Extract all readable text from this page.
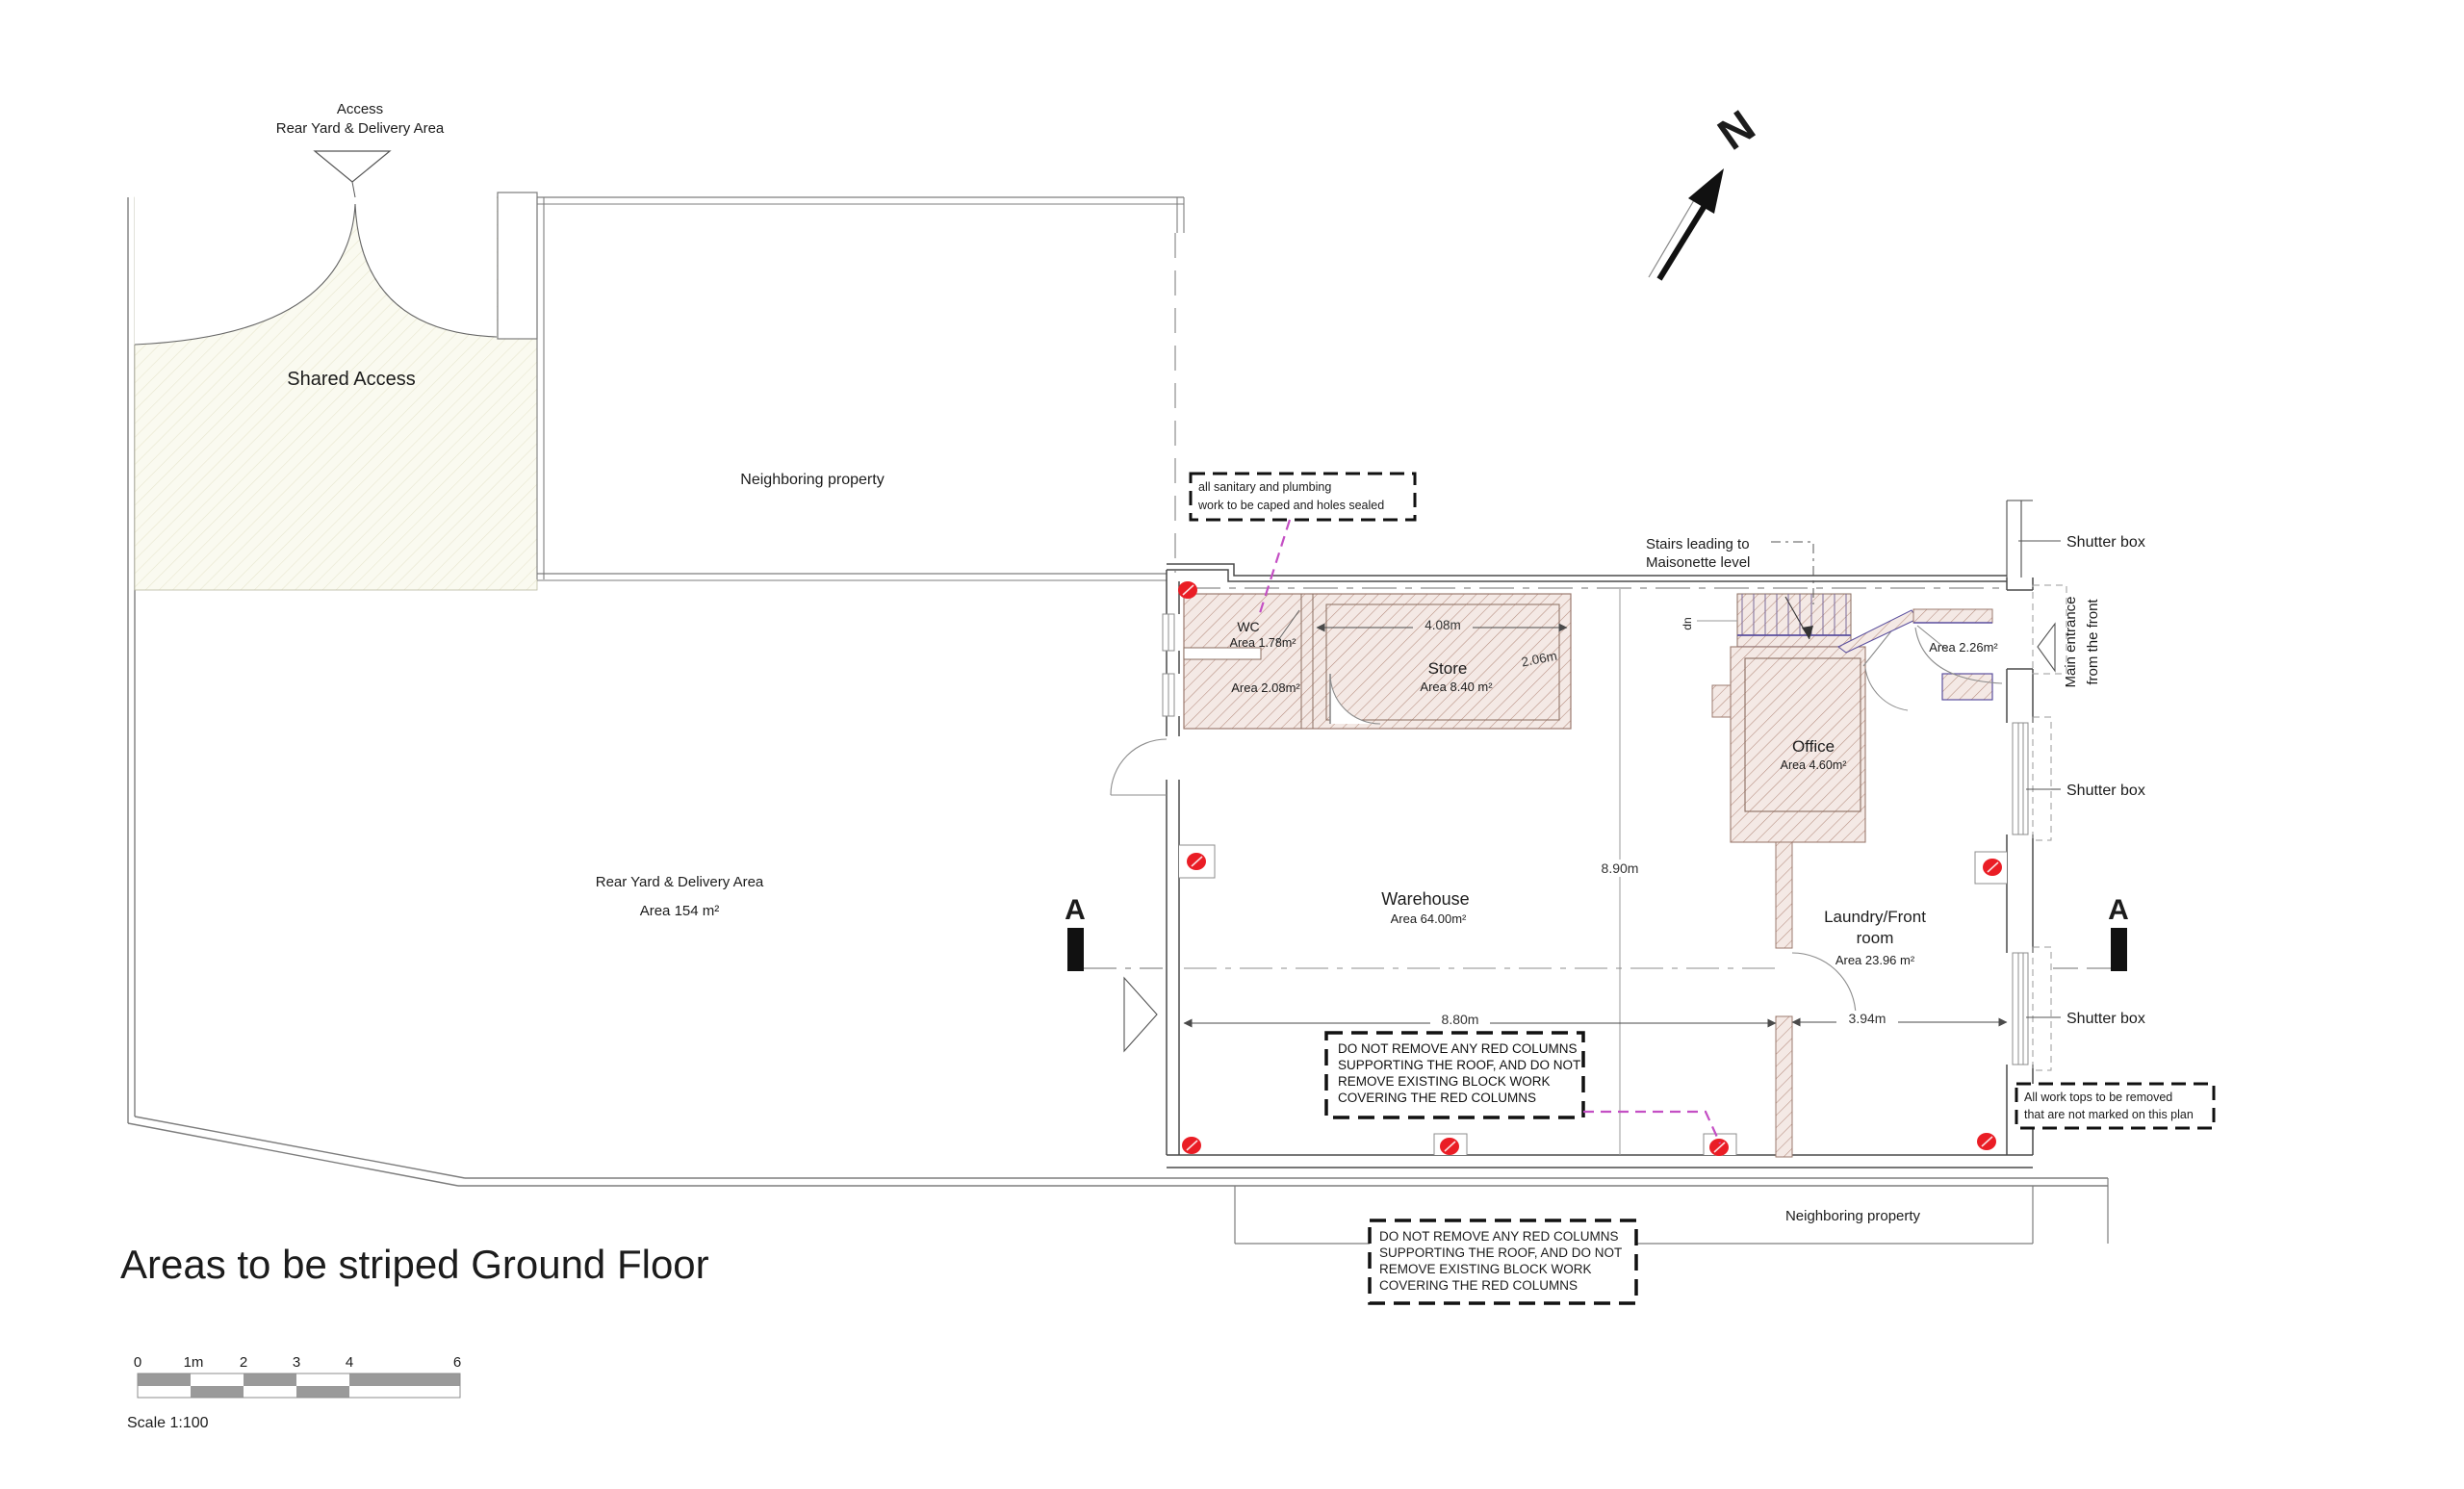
Access
Rear Yard & Delivery Area
Shared Access
Neighboring property
Rear Yard & Delivery Area
Area 154 m²
WC
Area 1.78m²
Area 2.08m²
Store
Area 8.40 m²
4.08m
2.06m
Stairs leading to
Maisonette level
dn
Office
Area 4.60m²
Area 2.26m²
Warehouse
Area 64.00m²
8.90m
Laundry/Front
room
Area 23.96 m²
8.80m	3.94m
A	A
Shutter box
Shutter box
Shutter box
Main entrance from the front
Neighboring property
all sanitary and plumbing
work to be caped and holes sealed
DO NOT REMOVE ANY RED COLUMNS
SUPPORTING THE ROOF, AND DO NOT
REMOVE EXISTING BLOCK WORK
COVERING THE RED COLUMNS	All work tops to be removed
that are not marked on this plan
DO NOT REMOVE ANY RED COLUMNS
SUPPORTING THE ROOF, AND DO NOT
REMOVE EXISTING BLOCK WORK
COVERING THE RED COLUMNS
N
Areas to be striped Ground Floor
0	1m 2	3	4	6
Scale 1:100
